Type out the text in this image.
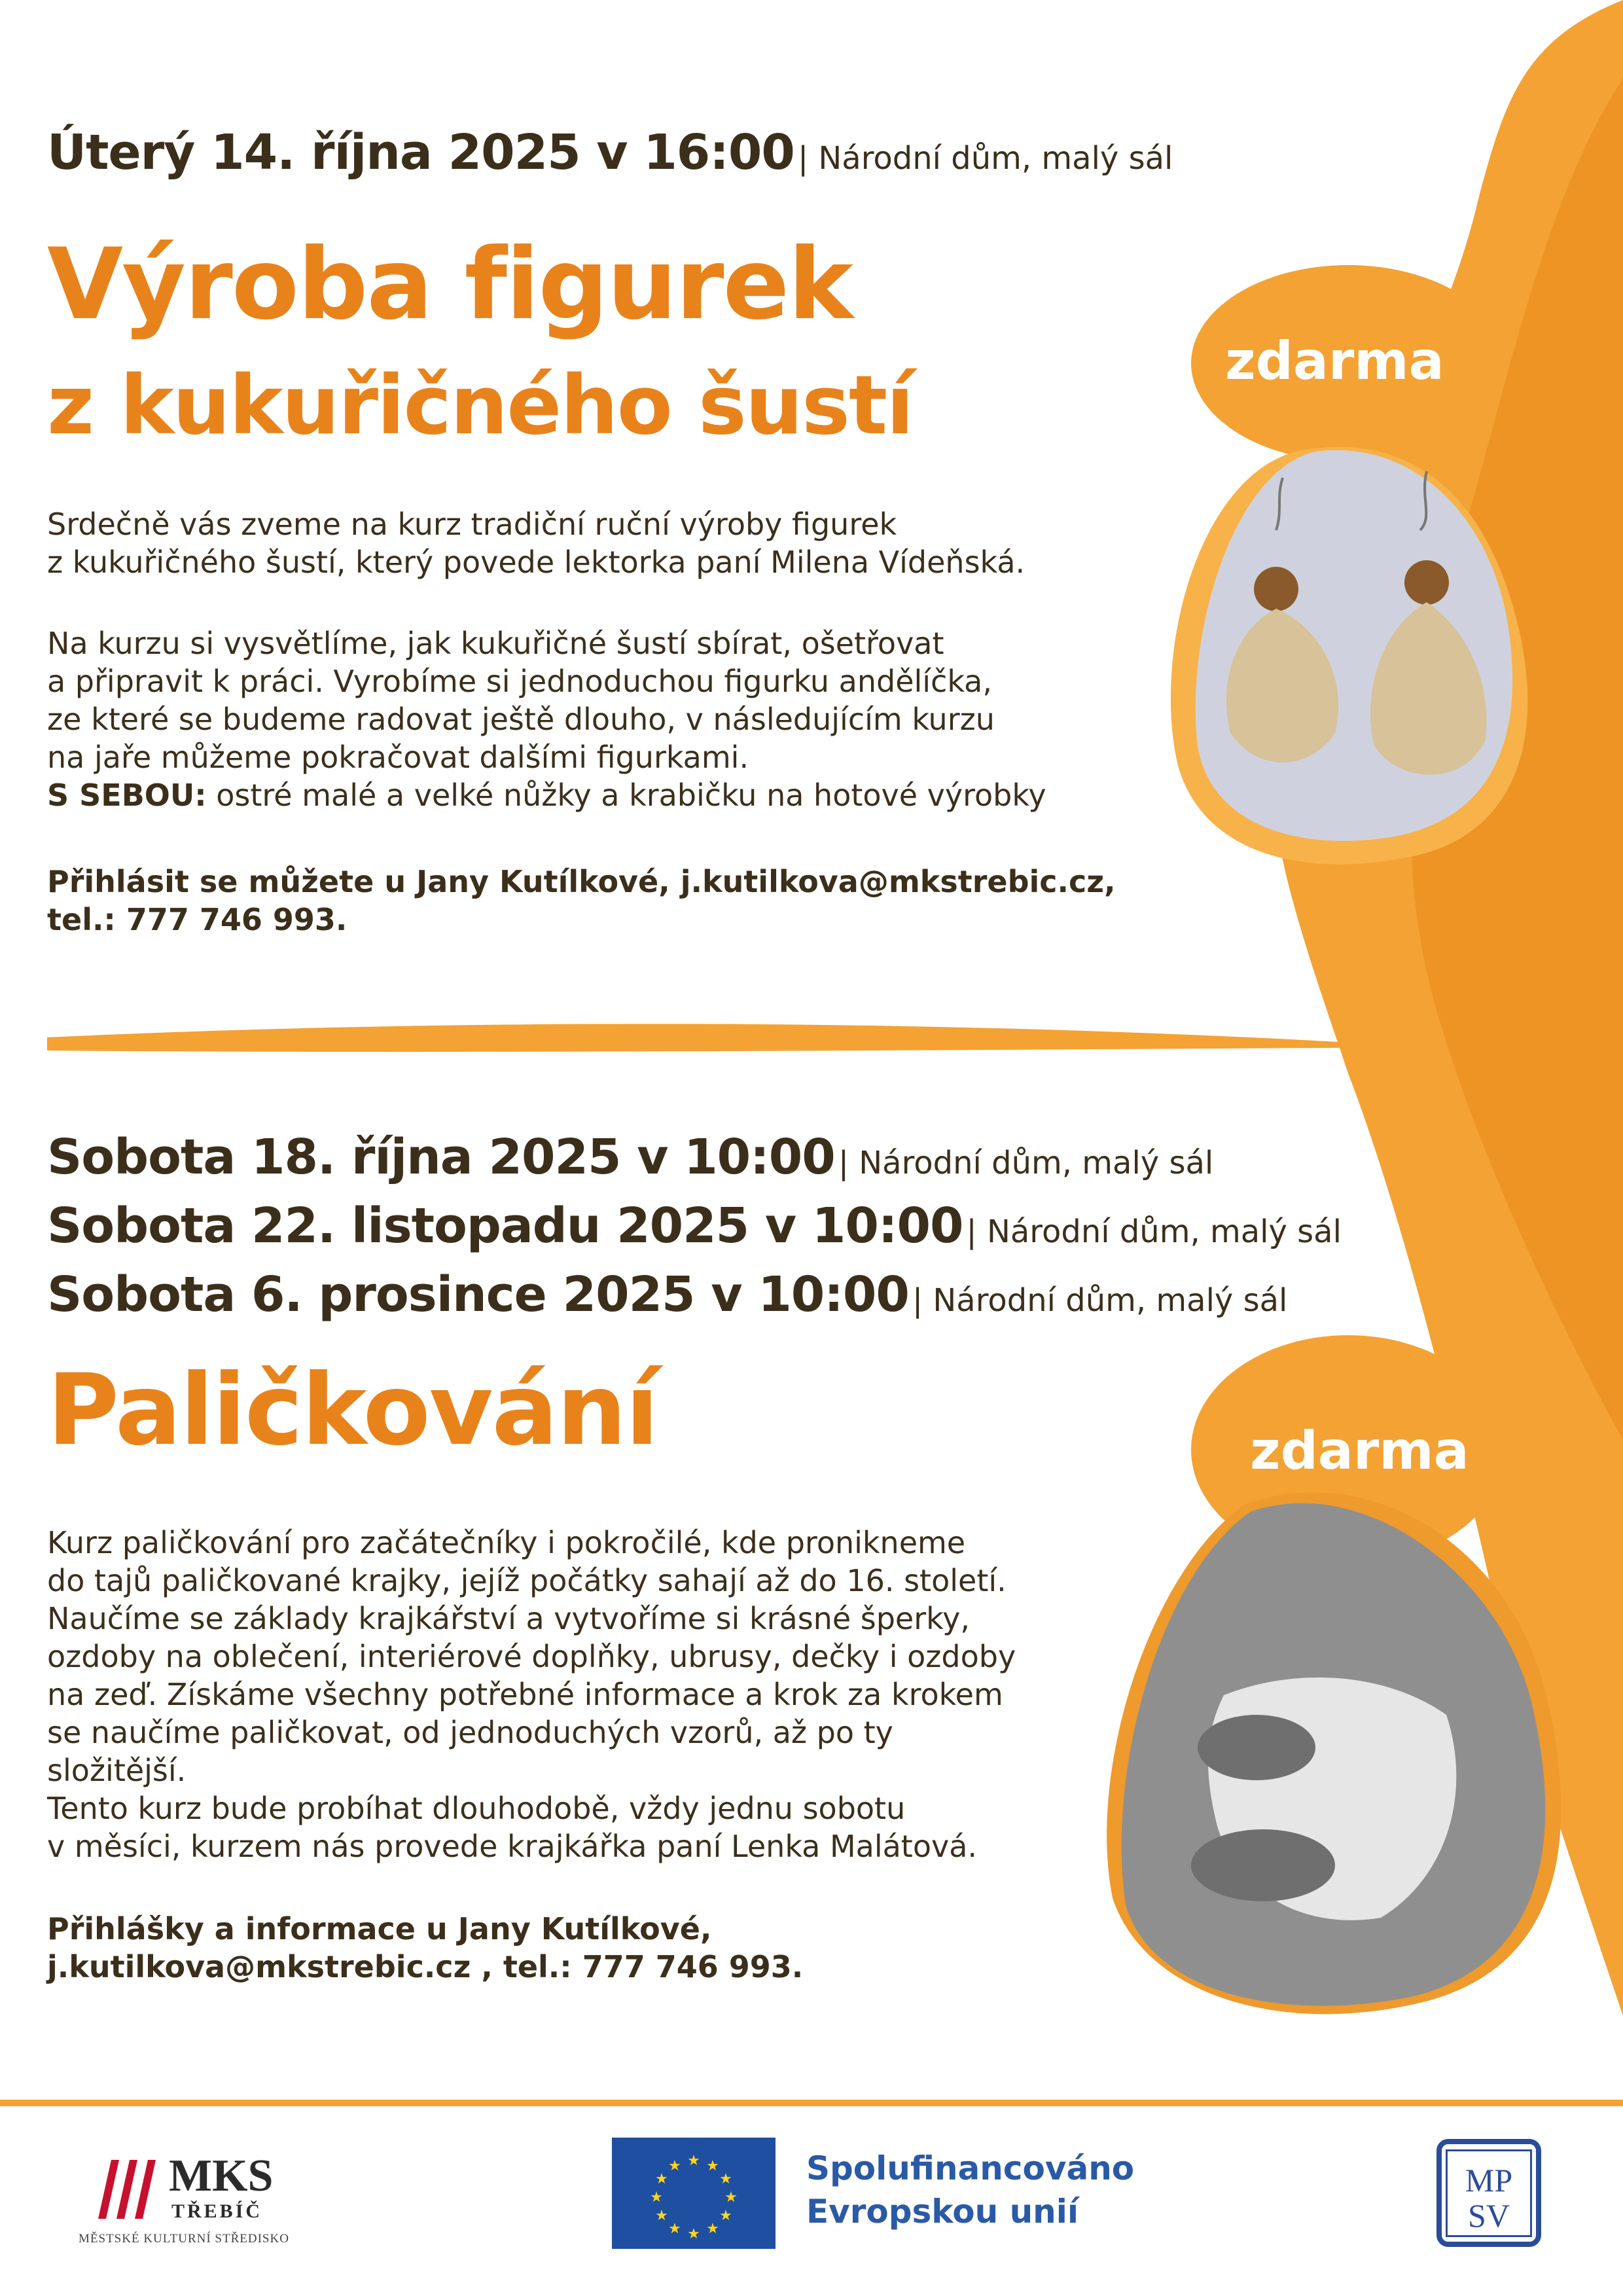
Úterý 14. října 2025 v 16:00 | Národní dům, malý sál
Výroba figurek
z kukuřičného šustí	zdarma
Srdečně vás zveme na kurz tradiční ruční výroby figurek
z kukuřičného šustí, který povede lektorka paní Milena Vídeňská.
Na kurzu si vysvětlíme, jak kukuřičné šustí sbírat, ošetřovat
a připravit k práci. Vyrobíme si jednoduchou figurku andělíčka,
ze které se budeme radovat ještě dlouho, v následujícím kurzu
na jaře můžeme pokračovat dalšími figurkami.
S SEBOU: ostré malé a velké nůžky a krabičku na hotové výrobky
Přihlásit se můžete u Jany Kutílkové, j.kutilkova@mkstrebic.cz,
tel.: 777 746 993.
Sobota 18. října 2025 v 10:00 | Národní dům, malý sál
Sobota 22. listopadu 2025 v 10:00 | Národní dům, malý sál
Sobota 6. prosince 2025 v 10:00 | Národní dům, malý sál
Paličkování	zdarma
Kurz paličkování pro začátečníky i pokročilé, kde pronikneme
do tajů paličkované krajky, jejíž počátky sahají až do 16. století.
Naučíme se základy krajkářství a vytvoříme si krásné šperky,
ozdoby na oblečení, interiérové doplňky, ubrusy, dečky i ozdoby
na zeď. Získáme všechny potřebné informace a krok za krokem
se naučíme paličkovat, od jednoduchých vzorů, až po ty
složitější.
Tento kurz bude probíhat dlouhodobě, vždy jednu sobotu
v měsíci, kurzem nás provede krajkářka paní Lenka Malátová.
Přihlášky a informace u Jany Kutílkové,
j.kutilkova@mkstrebic.cz , tel.: 777 746 993.
MKS
TŘEBÍČ
MĚSTSKÉ KULTURNÍ STŘEDISKO
★ ★
★
★
★
★
★
★
★
★
★
★	Spolufinancováno
Evropskou unií
MPSV
